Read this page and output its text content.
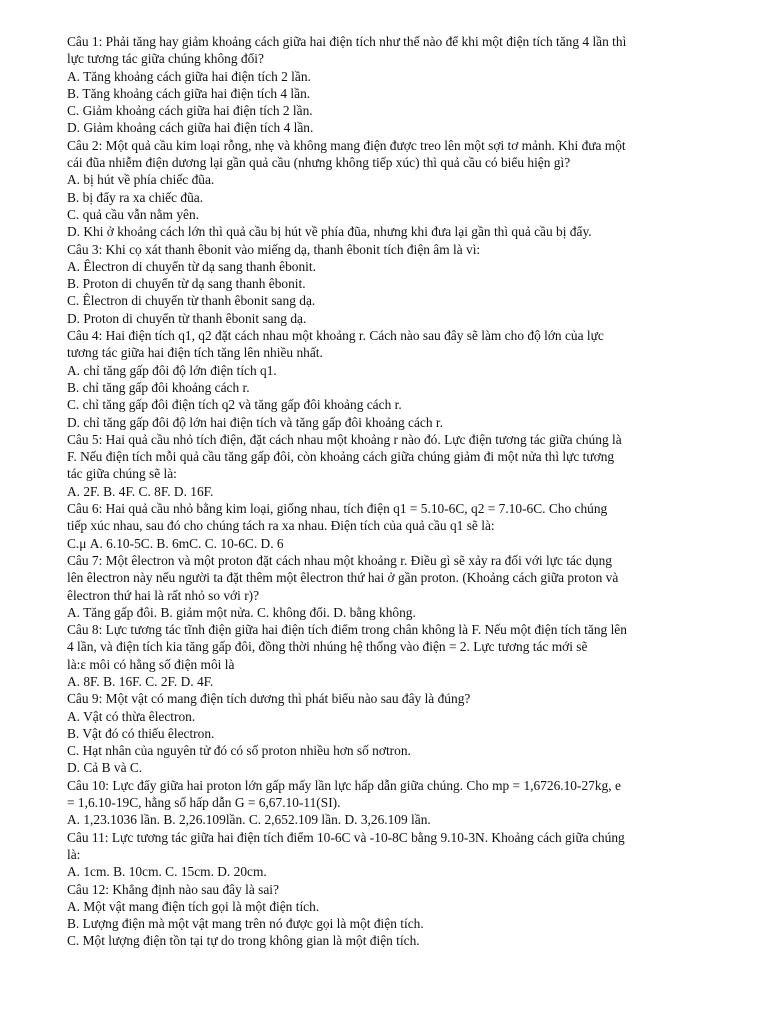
Câu 1: Phải tăng hay giảm khoảng cách giữa hai điện tích như thế nào để khi một điện tích tăng 4 lần thì
lực tương tác giữa chúng không đổi?
A. Tăng khoảng cách giữa hai điện tích 2 lần.
B. Tăng khoảng cách giữa hai điện tích 4 lần.
C. Giảm khoảng cách giữa hai điện tích 2 lần.
D. Giảm khoảng cách giữa hai điện tích 4 lần.
Câu 2: Một quả cầu kim loại rỗng, nhẹ và không mang điện được treo lên một sợi tơ mảnh. Khi đưa một
cái đũa nhiễm điện dương lại gần quả cầu (nhưng không tiếp xúc) thì quả cầu có biểu hiện gì?
A. bị hút về phía chiếc đũa.
B. bị đẩy ra xa chiếc đũa.
C. quả cầu vẫn nằm yên.
D. Khi ở khoảng cách lớn thì quả cầu bị hút về phía đũa, nhưng khi đưa lại gần thì quả cầu bị đẩy.
Câu 3: Khi cọ xát thanh êbonit vào miếng dạ, thanh êbonit tích điện âm là vì:
A. Êlectron di chuyển từ dạ sang thanh êbonit.
B. Proton di chuyển từ dạ sang thanh êbonit.
C. Êlectron di chuyển từ thanh êbonit sang dạ.
D. Proton di chuyển từ thanh êbonit sang dạ.
Câu 4: Hai điện tích q1, q2 đặt cách nhau một khoảng r. Cách nào sau đây sẽ làm cho độ lớn của lực
tương tác giữa hai điện tích tăng lên nhiều nhất.
A. chỉ tăng gấp đôi độ lớn điện tích q1.
B. chỉ tăng gấp đôi khoảng cách r.
C. chỉ tăng gấp đôi điện tích q2 và tăng gấp đôi khoảng cách r.
D. chỉ tăng gấp đôi độ lớn hai điện tích và tăng gấp đôi khoảng cách r.
Câu 5: Hai quả cầu nhỏ tích điện, đặt cách nhau một khoảng r nào đó. Lực điện tương tác giữa chúng là
F. Nếu điện tích mỗi quả cầu tăng gấp đôi, còn khoảng cách giữa chúng giảm đi một nửa thì lực tương
tác giữa chúng sẽ là:
A. 2F. B. 4F. C. 8F. D. 16F.
Câu 6: Hai quả cầu nhỏ bằng kim loại, giống nhau, tích điện q1 = 5.10-6C, q2 = 7.10-6C. Cho chúng
tiếp xúc nhau, sau đó cho chúng tách ra xa nhau. Điện tích của quả cầu q1 sẽ là:
C.μ A. 6.10-5C. B. 6mC. C. 10-6C. D. 6
Câu 7: Một êlectron và một proton đặt cách nhau một khoảng r. Điều gì sẽ xảy ra đối với lực tác dụng
lên êlectron này nếu người ta đặt thêm một êlectron thứ hai ở gần proton. (Khoảng cách giữa proton và
êlectron thứ hai là rất nhỏ so với r)?
A. Tăng gấp đôi. B. giảm một nửa. C. không đổi. D. bằng không.
Câu 8: Lực tương tác tĩnh điện giữa hai điện tích điểm trong chân không là F. Nếu một điện tích tăng lên
4 lần, và điện tích kia tăng gấp đôi, đồng thời nhúng hệ thống vào điện = 2. Lực tương tác mới sẽ
là:ε môi có hằng số điện môi là
A. 8F. B. 16F. C. 2F. D. 4F.
Câu 9: Một vật có mang điện tích dương thì phát biểu nào sau đây là đúng?
A. Vật có thừa êlectron.
B. Vật đó có thiếu êlectron.
C. Hạt nhân của nguyên tử đó có số proton nhiều hơn số nơtron.
D. Cả B và C.
Câu 10: Lực đẩy giữa hai proton lớn gấp mấy lần lực hấp dẫn giữa chúng. Cho mp = 1,6726.10-27kg, e
= 1,6.10-19C, hằng số hấp dẫn G = 6,67.10-11(SI).
A. 1,23.1036 lần. B. 2,26.109lần. C. 2,652.109 lần. D. 3,26.109 lần.
Câu 11: Lực tương tác giữa hai điện tích điểm 10-6C và -10-8C bằng 9.10-3N. Khoảng cách giữa chúng
là:
A. 1cm. B. 10cm. C. 15cm. D. 20cm.
Câu 12: Khẳng định nào sau đây là sai?
A. Một vật mang điện tích gọi là một điện tích.
B. Lượng điện mà một vật mang trên nó được gọi là một điện tích.
C. Một lượng điện tồn tại tự do trong không gian là một điện tích.
